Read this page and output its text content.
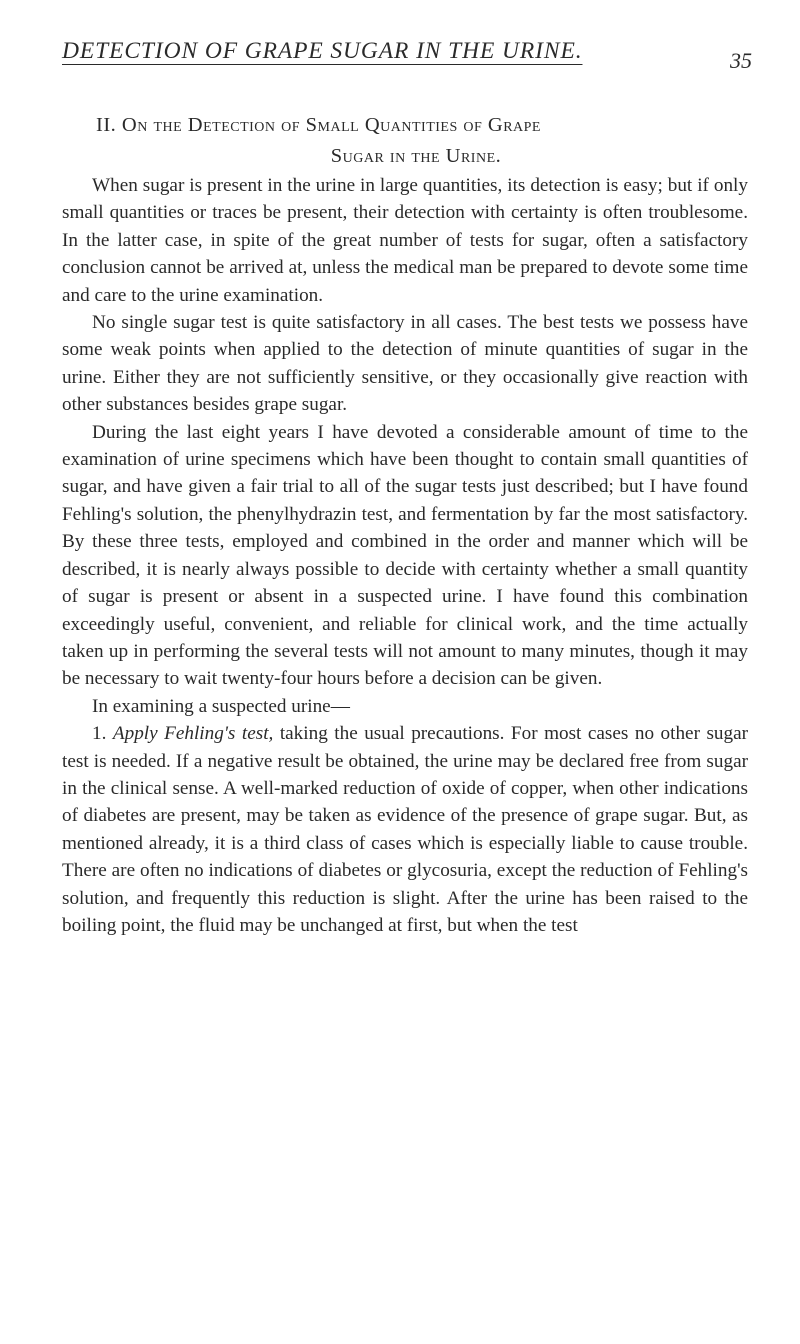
DETECTION OF GRAPE SUGAR IN THE URINE.	35
II. On the Detection of Small Quantities of Grape
Sugar in the Urine.

When sugar is present in the urine in large quantities, its detection is easy; but if only small quantities or traces be present, their detection with certainty is often troublesome. In the latter case, in spite of the great number of tests for sugar, often a satisfactory conclusion cannot be arrived at, unless the medical man be prepared to devote some time and care to the urine examination.

No single sugar test is quite satisfactory in all cases. The best tests we possess have some weak points when applied to the detection of minute quantities of sugar in the urine. Either they are not sufficiently sensitive, or they occasionally give reaction with other substances besides grape sugar.

During the last eight years I have devoted a considerable amount of time to the examination of urine specimens which have been thought to contain small quantities of sugar, and have given a fair trial to all of the sugar tests just described; but I have found Fehling's solution, the phenylhydrazin test, and fermentation by far the most satisfactory. By these three tests, employed and combined in the order and manner which will be described, it is nearly always possible to decide with certainty whether a small quantity of sugar is present or absent in a suspected urine. I have found this combination exceedingly useful, convenient, and reliable for clinical work, and the time actually taken up in performing the several tests will not amount to many minutes, though it may be necessary to wait twenty-four hours before a decision can be given.

In examining a suspected urine—

1. Apply Fehling's test, taking the usual precautions. For most cases no other sugar test is needed. If a negative result be obtained, the urine may be declared free from sugar in the clinical sense. A well-marked reduction of oxide of copper, when other indications of diabetes are present, may be taken as evidence of the presence of grape sugar. But, as mentioned already, it is a third class of cases which is especially liable to cause trouble. There are often no indications of diabetes or glycosuria, except the reduction of Fehling's solution, and frequently this reduction is slight. After the urine has been raised to the boiling point, the fluid may be unchanged at first, but when the test
